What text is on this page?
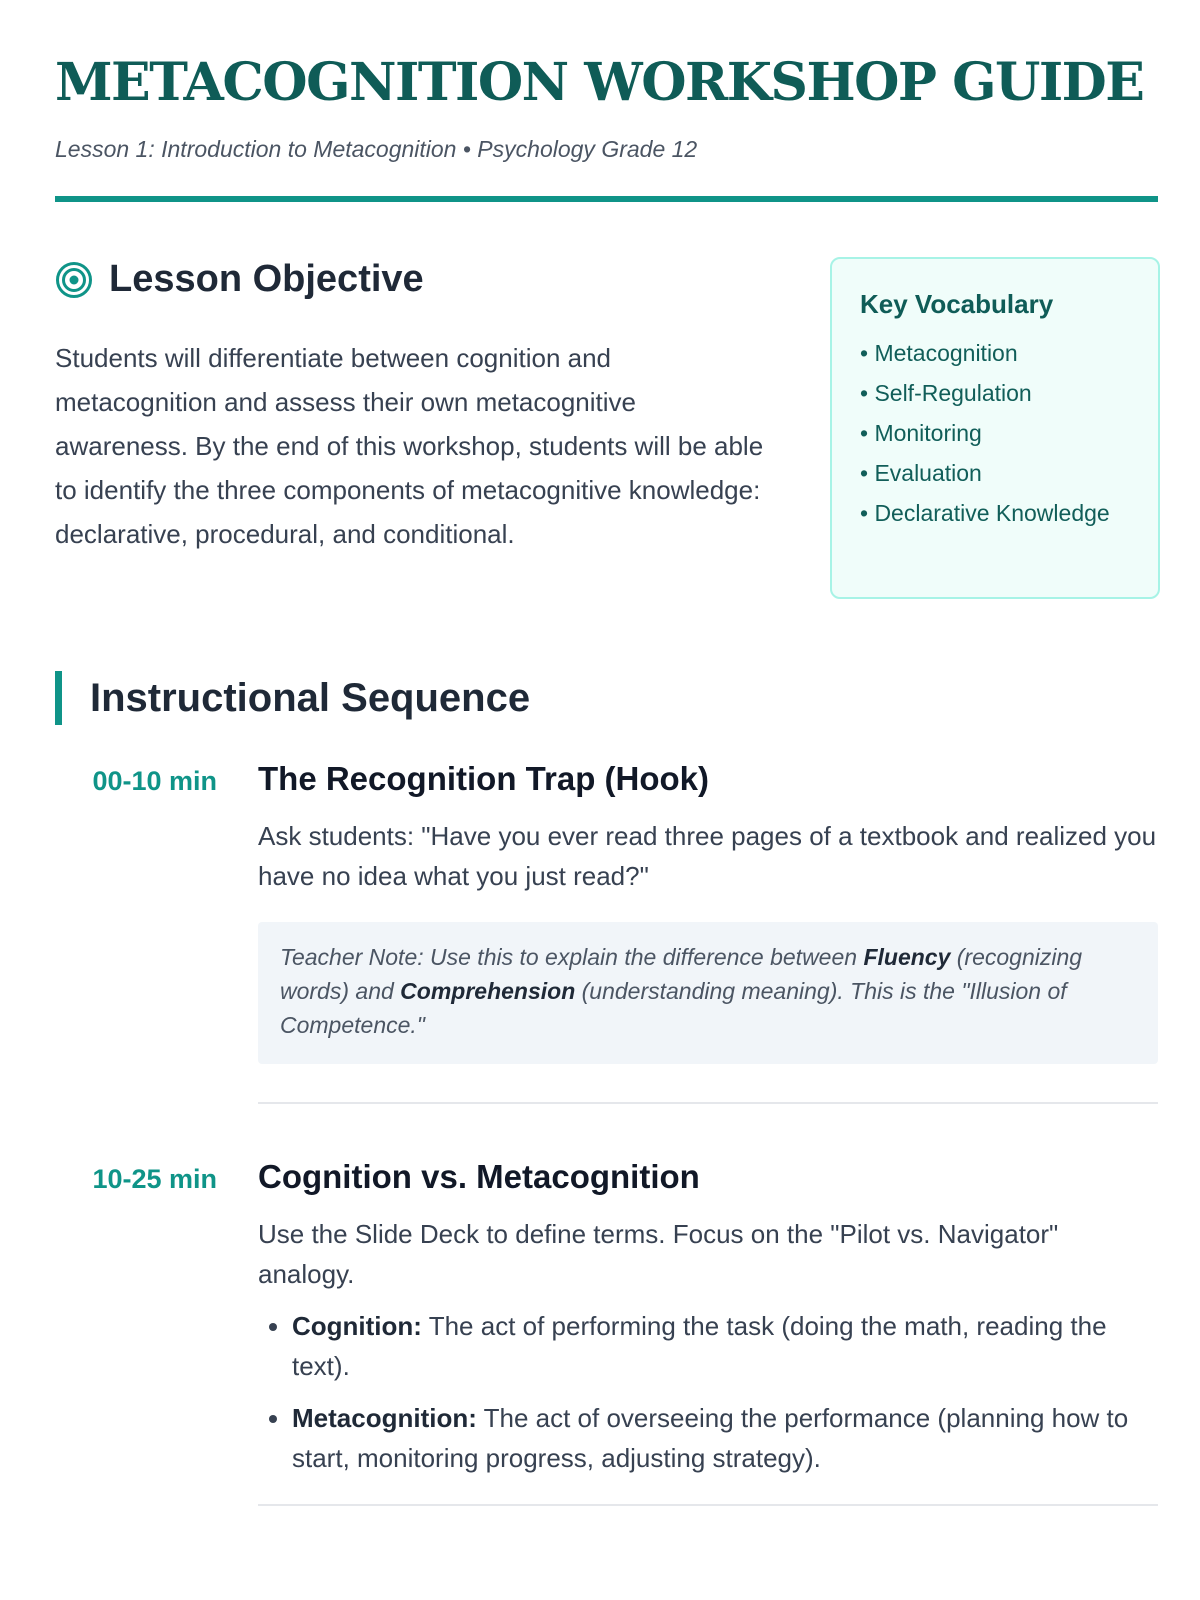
METACOGNITION WORKSHOP GUIDE

Lesson 1: Introduction to Metacognition • Psychology Grade 12

Lesson Objective

Students will differentiate between cognition and metacognition and assess their own metacognitive awareness. By the end of this workshop, students will be able to identify the three components of metacognitive knowledge: declarative, procedural, and conditional.

Key Vocabulary
• Metacognition
• Self-Regulation
• Monitoring
• Evaluation
• Declarative Knowledge
Instructional Sequence
00-10 min The Recognition Trap (Hook)

Ask students: "Have you ever read three pages of a textbook and realized you have no idea what you just read?"

Teacher Note: Use this to explain the difference between Fluency (recognizing words) and Comprehension (understanding meaning). This is the "Illusion of Competence."
10-25 min Cognition vs. Metacognition

Use the Slide Deck to define terms. Focus on the "Pilot vs. Navigator" analogy.

• Cognition: The act of performing the task (doing the math, reading the text).
• Metacognition: The act of overseeing the performance (planning how to start, monitoring progress, adjusting strategy).
